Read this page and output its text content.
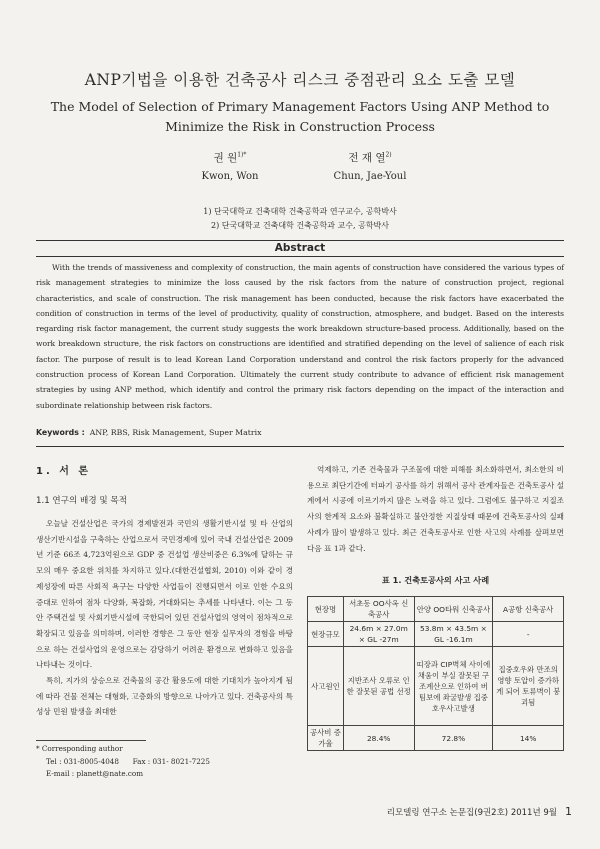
ANP기법을 이용한 건축공사 리스크 중점관리 요소 도출 모델
The Model of Selection of Primary Management Factors Using ANP Method to Minimize the Risk in Construction Process
권 원$^{1)*}$
Kwon, Won
전 재 열$^{2)}$
Chun, Jae-Youl
1) 단국대학교 건축대학 건축공학과 연구교수, 공학박사
2) 단국대학교 건축대학 건축공학과 교수, 공학박사
Abstract
With the trends of massiveness and complexity of construction, the main agents of construction have considered the various types of risk management strategies to minimize the loss caused by the risk factors from the nature of construction project, regional characteristics, and scale of construction. The risk management has been conducted, because the risk factors have exacerbated the condition of construction in terms of the level of productivity, quality of construction, atmosphere, and budget. Based on the interests regarding risk factor management, the current study suggests the work breakdown structure-based process. Additionally, based on the work breakdown structure, the risk factors on constructions are identified and stratified depending on the level of salience of each risk factor. The purpose of result is to lead Korean Land Corporation understand and control the risk factors properly for the advanced construction process of Korean Land Corporation. Ultimately the current study contribute to advance of efficient risk management strategies by using ANP method, which identify and control the primary risk factors depending on the impact of the interaction and subordinate relationship between risk factors.
Keywords : ANP, RBS, Risk Management, Super Matrix
1. 서 론
1.1 연구의 배경 및 목적

오늘날 건설산업은 국가의 경제발전과 국민의 생활기반시설 및 타 산업의 생산기반시설을 구축하는 산업으로서 국민경제에 있어 국내 건설산업은 2009년 기준 66조 4,723억원으로 GDP 중 건설업 생산비중은 6.3%에 달하는 규모의 매우 중요한 위치를 차지하고 있다.(대한건설협회, 2010) 이와 같이 경제성장에 따른 사회적 욕구는 다양한 사업들이 진행되면서 이로 인한 수요의 증대로 인하여 점차 다양화, 복잡화, 거대화되는 추세를 나타낸다. 이는 그 동안 주택건설 및 사회기반시설에 국한되어 있던 건설사업의 영역이 점차적으로 확장되고 있음을 의미하며, 이러한 경향은 그 동안 현장 실무자의 경험을 바탕으로 하는 건설사업의 운영으로는 감당하기 어려운 환경으로 변화하고 있음을 나타내는 것이다.

특히, 지가의 상승으로 건축물의 공간 활용도에 대한 기대치가 높아지게 됨에 따라 건물 전체는 대형화, 고층화의 방향으로 나아가고 있다. 건축공사의 특성상 민원 발생을 최대한

억제하고, 기존 건축물과 구조물에 대한 피해를 최소화하면서, 최소한의 비용으로 최단기간에 터파기 공사를 하기 위해서 공사 관계자들은 건축토공사 설계에서 시공에 이르기까지 많은 노력을 하고 있다. 그럼에도 불구하고 지질조사의 한계적 요소와 불확실하고 불안정한 지질상태 때문에 건축토공사의 실패사례가 많이 발생하고 있다. 최근 건축토공사로 인한 사고의 사례를 살펴보면 다음 표 1과 같다.

표 1. 건축토공사의 사고 사례
현장명	서초동 OO사옥 신축공사	안양 OO타워 신축공사	A공항 신축공사
현장규모	24.6m × 27.0m × GL -27m	53.8m × 43.5m × GL -16.1m	-
사고원인	지반조사 오류로 인한 잘못된 공법 선정	띠장과 CIP벽체 사이에 채움이 부실 잘못된 구조계산으로 인하여 버팀보에 좌굴발생 집중호우사고발생	집중호우와 만조의 영향 토압이 증가하게 되어 토류벽이 붕괴됨
공사비 증가율	28.4%	72.8%	14%
* Corresponding author
Tel : 031-8005-4048 Fax : 031- 8021-7225
E-mail : planett@nate.com
리모델링 연구소 논문집(9권2호) 2011년 9월 1
